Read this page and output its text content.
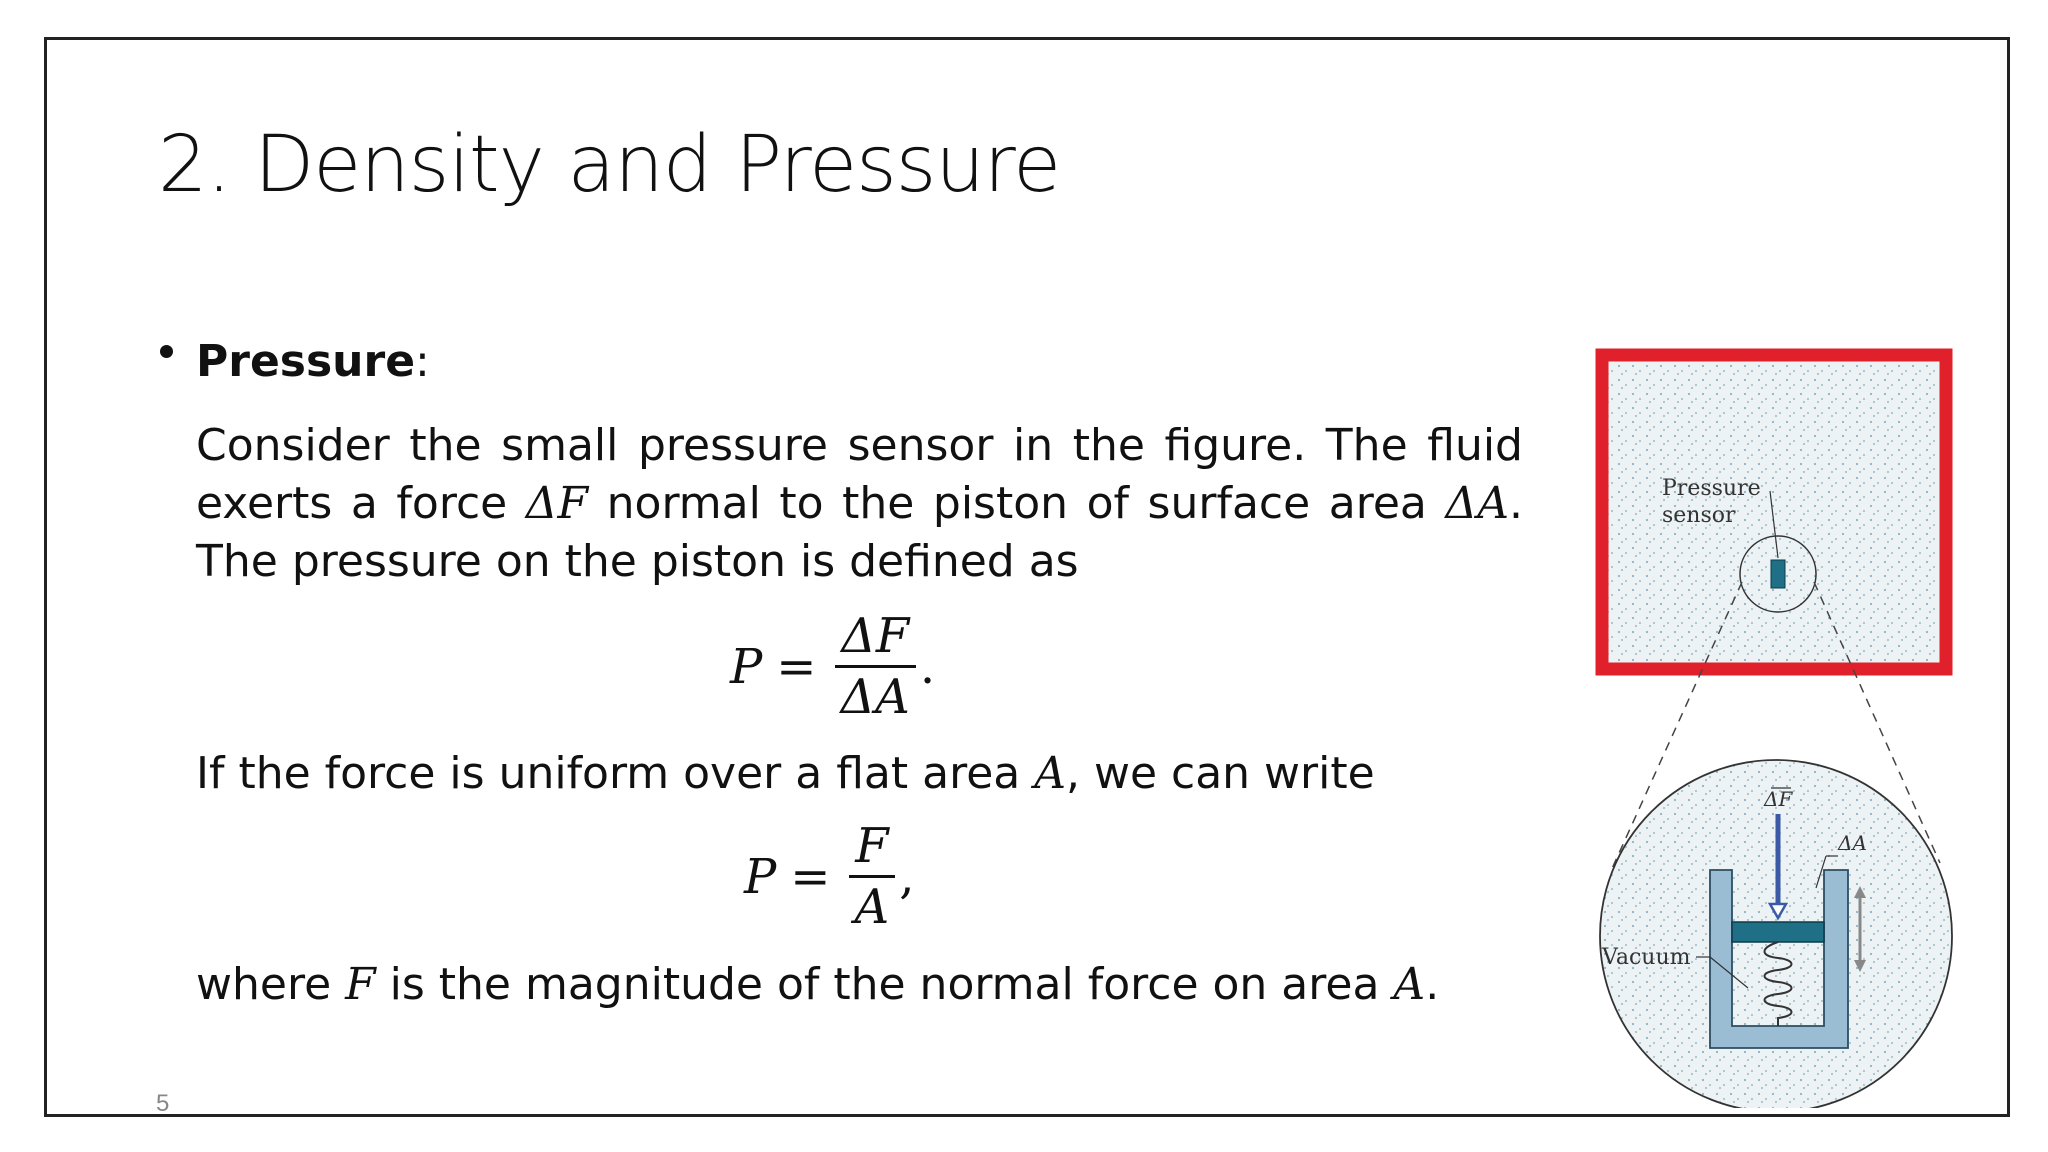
2. Density and Pressure
Pressure:

Consider the small pressure sensor in the figure. The fluid exerts a force ΔF normal to the piston of surface area ΔA. The pressure on the piston is defined as

$P = \frac{\Delta F}{\Delta A}$ .

If the force is uniform over a flat area A, we can write

$P = \frac{F}{A}$ ,

where F is the magnitude of the normal force on area A.

5
Pressure
sensor
ΔF
ΔA
Vacuum
